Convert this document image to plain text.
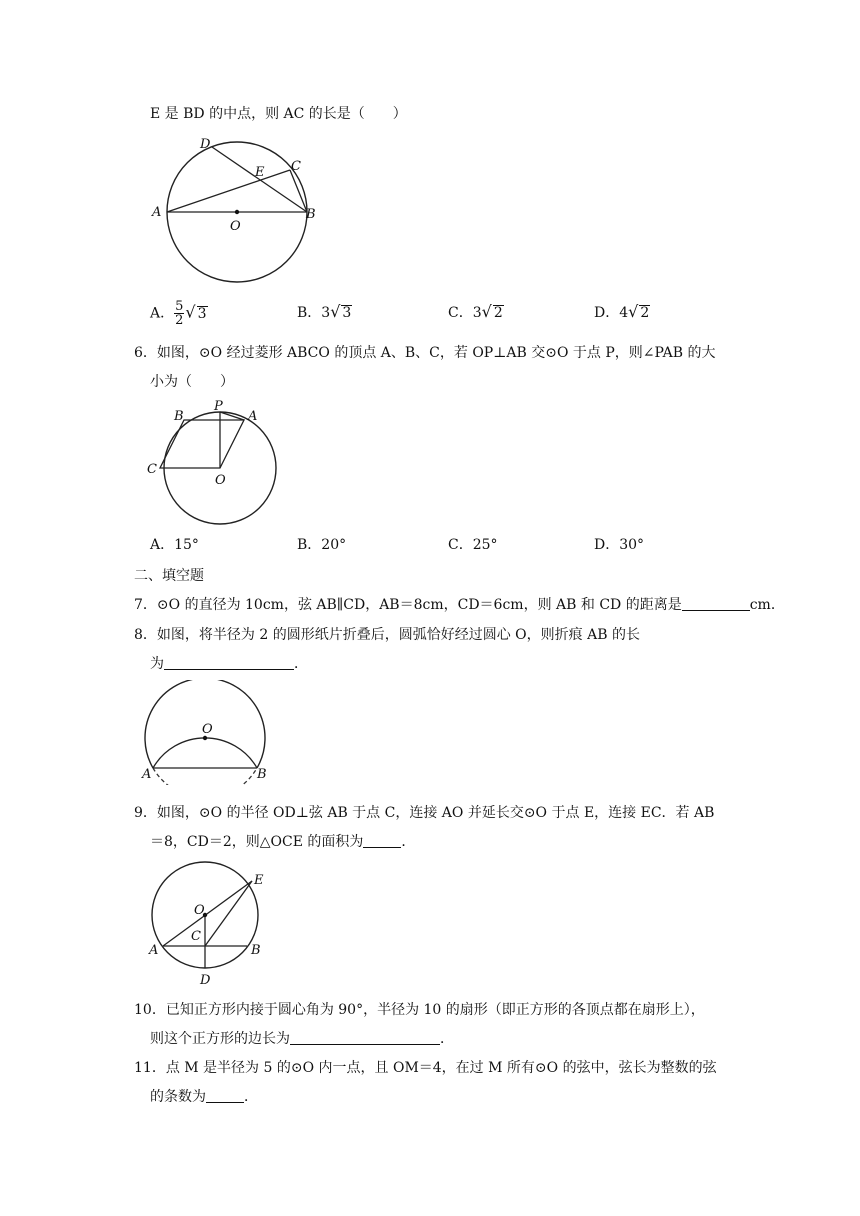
E 是 BD 的中点，则 AC 的长是（　　）
D
E C
A	B
O
A． $\frac{5}{2}$ √ 3	B．3√ 3	C．3√ 2	D．4√ 2
6．如图，⊙O 经过菱形 ABCO 的顶点 A、B、C，若 OP⊥AB 交⊙O 于点 P，则∠PAB 的大
小为（　　）
P
A
B
C
O
A．15°	B．20°	C．25°	D．30°
二、填空题
7．⊙O 的直径为 10cm，弦 AB∥CD，AB＝8cm，CD＝6cm，则 AB 和 CD 的距离是	cm．
8．如图，将半径为 2 的圆形纸片折叠后，圆弧恰好经过圆心 O，则折痕 AB 的长
为	．
O
A	B
9．如图，⊙O 的半径 OD⊥弦 AB 于点 C，连接 AO 并延长交⊙O 于点 E，连接 EC．若 AB
＝8，CD＝2，则△OCE 的面积为	．
O
E
C
A	B
D
10．已知正方形内接于圆心角为 90°，半径为 10 的扇形（即正方形的各顶点都在扇形上），
则这个正方形的边长为	．
11．点 M 是半径为 5 的⊙O 内一点，且 OM＝4，在过 M 所有⊙O 的弦中，弦长为整数的弦
的条数为	．
